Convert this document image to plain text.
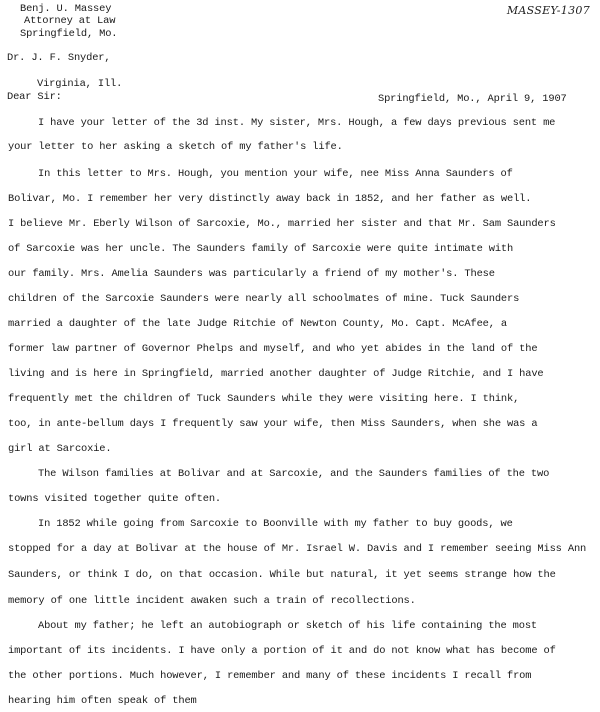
MASSEY-1307
Benj. U. Massey
Attorney at Law
Springfield, Mo.
Dr. J. F. Snyder,
Virginia, Ill.
Dear Sir:	Springfield, Mo., April 9, 1907
I have your letter of the 3d inst. My sister, Mrs. Hough, a few days previous sent me
your letter to her asking a sketch of my father's life.
In this letter to Mrs. Hough, you mention your wife, nee Miss Anna Saunders of
Bolivar, Mo. I remember her very distinctly away back in 1852, and her father as well.
I believe Mr. Eberly Wilson of Sarcoxie, Mo., married her sister and that Mr. Sam Saunders
of Sarcoxie was her uncle. The Saunders family of Sarcoxie were quite intimate with
our family. Mrs. Amelia Saunders was particularly a friend of my mother's. These
children of the Sarcoxie Saunders were nearly all schoolmates of mine. Tuck Saunders
married a daughter of the late Judge Ritchie of Newton County, Mo. Capt. McAfee, a
former law partner of Governor Phelps and myself, and who yet abides in the land of the
living and is here in Springfield, married another daughter of Judge Ritchie, and I have
frequently met the children of Tuck Saunders while they were visiting here. I think,
too, in ante-bellum days I frequently saw your wife, then Miss Saunders, when she was a
girl at Sarcoxie.
The Wilson families at Bolivar and at Sarcoxie, and the Saunders families of the two
towns visited together quite often.
In 1852 while going from Sarcoxie to Boonville with my father to buy goods, we
stopped for a day at Bolivar at the house of Mr. Israel W. Davis and I remember seeing Miss Ann
Saunders, or think I do, on that occasion. While but natural, it yet seems strange how the
memory of one little incident awaken such a train of recollections.
About my father; he left an autobiograph or sketch of his life containing the most
important of its incidents. I have only a portion of it and do not know what has become of
the other portions. Much however, I remember and many of these incidents I recall from
hearing him often speak of them
